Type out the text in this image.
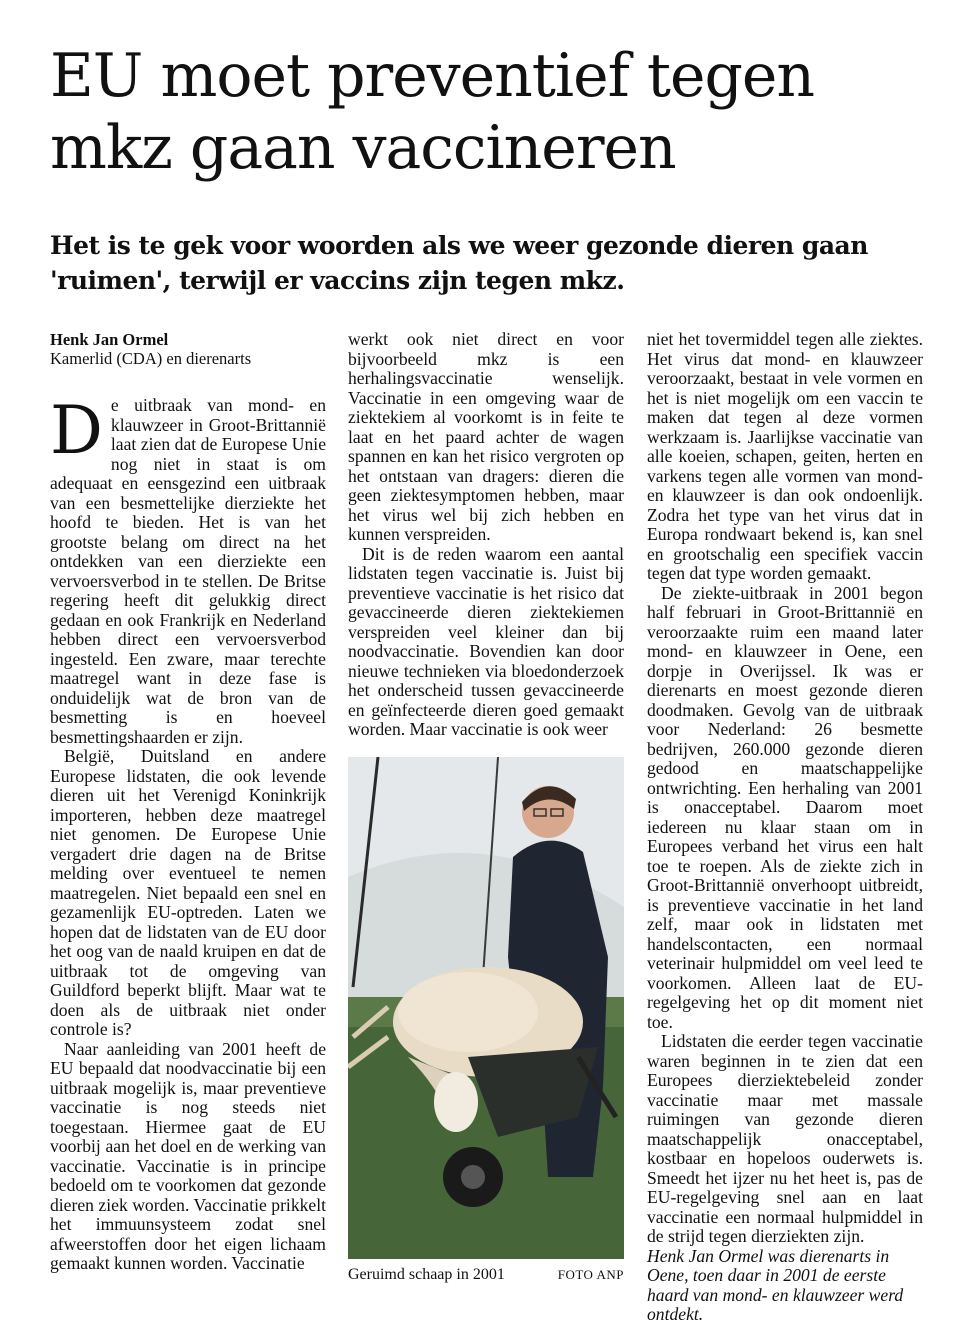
EU moet preventief tegen mkz gaan vaccineren
Het is te gek voor woorden als we weer gezonde dieren gaan 'ruimen', terwijl er vaccins zijn tegen mkz.
Henk Jan Ormel
Kamerlid (CDA) en dierenarts

De uitbraak van mond- en klauwzeer in Groot-Brittannië laat zien dat de Europese Unie nog niet in staat is om adequaat en eensgezind een uitbraak van een besmettelijke dierziekte het hoofd te bieden. Het is van het grootste belang om direct na het ontdekken van een dierziekte een vervoersverbod in te stellen. De Britse regering heeft dit gelukkig direct gedaan en ook Frankrijk en Nederland hebben direct een vervoersverbod ingesteld. Een zware, maar terechte maatregel want in deze fase is onduidelijk wat de bron van de besmetting is en hoeveel besmettingshaarden er zijn.

België, Duitsland en andere Europese lidstaten, die ook levende dieren uit het Verenigd Koninkrijk importeren, hebben deze maatregel niet genomen. De Europese Unie vergadert drie dagen na de Britse melding over eventueel te nemen maatregelen. Niet bepaald een snel en gezamenlijk EU-optreden. Laten we hopen dat de lidstaten van de EU door het oog van de naald kruipen en dat de uitbraak tot de omgeving van Guildford beperkt blijft. Maar wat te doen als de uitbraak niet onder controle is?

Naar aanleiding van 2001 heeft de EU bepaald dat noodvaccinatie bij een uitbraak mogelijk is, maar preventieve vaccinatie is nog steeds niet toegestaan. Hiermee gaat de EU voorbij aan het doel en de werking van vaccinatie. Vaccinatie is in principe bedoeld om te voorkomen dat gezonde dieren ziek worden. Vaccinatie prikkelt het immuunsysteem zodat snel afweerstoffen door het eigen lichaam gemaakt kunnen worden. Vaccinatie

werkt ook niet direct en voor bijvoorbeeld mkz is een herhalingsvaccinatie wenselijk. Vaccinatie in een omgeving waar de ziektekiem al voorkomt is in feite te laat en het paard achter de wagen spannen en kan het risico vergroten op het ontstaan van dragers: dieren die geen ziektesymptomen hebben, maar het virus wel bij zich hebben en kunnen verspreiden.

Dit is de reden waarom een aantal lidstaten tegen vaccinatie is. Juist bij preventieve vaccinatie is het risico dat gevaccineerde dieren ziektekiemen verspreiden veel kleiner dan bij noodvaccinatie. Bovendien kan door nieuwe technieken via bloedonderzoek het onderscheid tussen gevaccineerde en geïnfecteerde dieren goed gemaakt worden. Maar vaccinatie is ook weer

FOTO ANP
Geruimd schaap in 2001

niet het tovermiddel tegen alle ziektes. Het virus dat mond- en klauwzeer veroorzaakt, bestaat in vele vormen en het is niet mogelijk om een vaccin te maken dat tegen al deze vormen werkzaam is. Jaarlijkse vaccinatie van alle koeien, schapen, geiten, herten en varkens tegen alle vormen van mond- en klauwzeer is dan ook ondoenlijk. Zodra het type van het virus dat in Europa rondwaart bekend is, kan snel en grootschalig een specifiek vaccin tegen dat type worden gemaakt.

De ziekte-uitbraak in 2001 begon half februari in Groot-Brittannië en veroorzaakte ruim een maand later mond- en klauwzeer in Oene, een dorpje in Overijssel. Ik was er dierenarts en moest gezonde dieren doodmaken. Gevolg van de uitbraak voor Nederland: 26 besmette bedrijven, 260.000 gezonde dieren gedood en maatschappelijke ontwrichting. Een herhaling van 2001 is onacceptabel. Daarom moet iedereen nu klaar staan om in Europees verband het virus een halt toe te roepen. Als de ziekte zich in Groot-Brittannië onverhoopt uitbreidt, is preventieve vaccinatie in het land zelf, maar ook in lidstaten met handelscontacten, een normaal veterinair hulpmiddel om veel leed te voorkomen. Alleen laat de EU-regelgeving het op dit moment niet toe.

Lidstaten die eerder tegen vaccinatie waren beginnen in te zien dat een Europees dierziektebeleid zonder vaccinatie maar met massale ruimingen van gezonde dieren maatschappelijk onacceptabel, kostbaar en hopeloos ouderwets is. Smeedt het ijzer nu het heet is, pas de EU-regelgeving snel aan en laat vaccinatie een normaal hulpmiddel in de strijd tegen dierziekten zijn.

Henk Jan Ormel was dierenarts in Oene, toen daar in 2001 de eerste haard van mond- en klauwzeer werd ontdekt.
